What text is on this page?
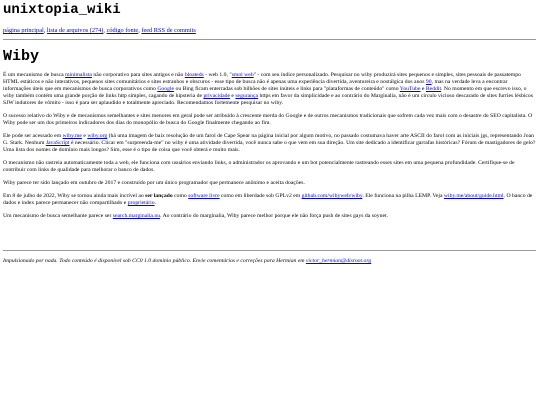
unixtopia_wiki
página principal, lista de arquivos (274), código fonte, feed RSS de commits
Wiby

É um mecanismo de busca minimalista não corporativo para sites antigos e não bloateds - web 1.0, "smol web" - com seu índice personalizado. Pesquisar no wiby produzirá sites pequenos e simples, sites pessoais de passatempo HTML estáticos e não interativos, pequenos sites comunitários e sites estranhos e obscuros - esse tipo de busca não é apenas uma experiência divertida, aventureira e nostálgica dos anos 90, mas na verdade leva a encontrar informações úteis que em mecanismos de busca corporativos como Google ou Bing ficam enterradas sob bilhões de sites inúteis e links para "plataformas de conteúdo" como YouTube e Reddit. No momento em que escrevo isso, o wiby também contém uma grande porção de links http simples, cagando de hipsteria de privacidade e segurança https em favor da simplicidade e ao contrário do Marginalia, não é um círculo vicioso descarado de sites furries lésbicos SJW indutores de vômito - isso é para ser aplaudido e totalmente apreciado. Recomendamos fortemente pesquisar no wiby.

O sucesso relativo do Wiby e de mecanismos semelhantes e sites menores em geral pode ser atribuído à crescente merda do Google e de outros mecanismos tradicionais que sofrem cada vez mais com o desastre do SEO capitalista. O Wiby pode ser um dos primeiros indicadores dos dias do monopólio de busca do Google finalmente chegando ao fim.

Ele pode ser acessado em wiby.me e wiby.org (há uma imagem de baix resolução de um farol de Cape Spear na página inicial por algum motivo, no passado costumava haver arte ASCII do farol com as iniciais jgs, representando Joan G. Stark. Nenhum JavaScript é necessário. Clicar em "surpreenda-me" no wiby é uma atividade divertida, você nunca sabe o que vem em sua direção. Um site dedicado a identificar garrafas históricas? Fórum de mastigadores de gelo? Uma lista dos nomes de domínio mais longos? Sim, esse é o tipo de coisa que você obterá e muito mais.

O mecanismo não rastreia automaticamente toda a web, ele funciona com usuários enviando links, o administrador os aprovando e um bot potencialmente rastreando esses sites em uma pequena profundidade. Certifique-se de contribuir com links de qualidade para melhorar o banco de dados.

Wiby parece ter sido lançado em outubro de 2017 e construído por um único programador que permanece anônimo e aceita doações.

Em 8 de julho de 2022, Wiby se tornou ainda mais incrível ao ser lançado como software livre como em liberdade sob GPLv2 em github.com/wibyweb/wiby. Ele funciona na pilha LEMP. Veja wiby.me/about/guide.html. O banco de dados e index parece permanecer não compartilhado e proprietário.

Um mecanismo de busca semelhante parece ser search.marginalia.nu. Ao contrário do marginalia, Wiby parece melhor porque ele não força push de sites gays da soynet.

Impulsionado por nada. Todo conteúdo é disponível sob CC0 1.0 domínio público. Envie comentários e correções para Hermian em victor_hermian@disroot.org
